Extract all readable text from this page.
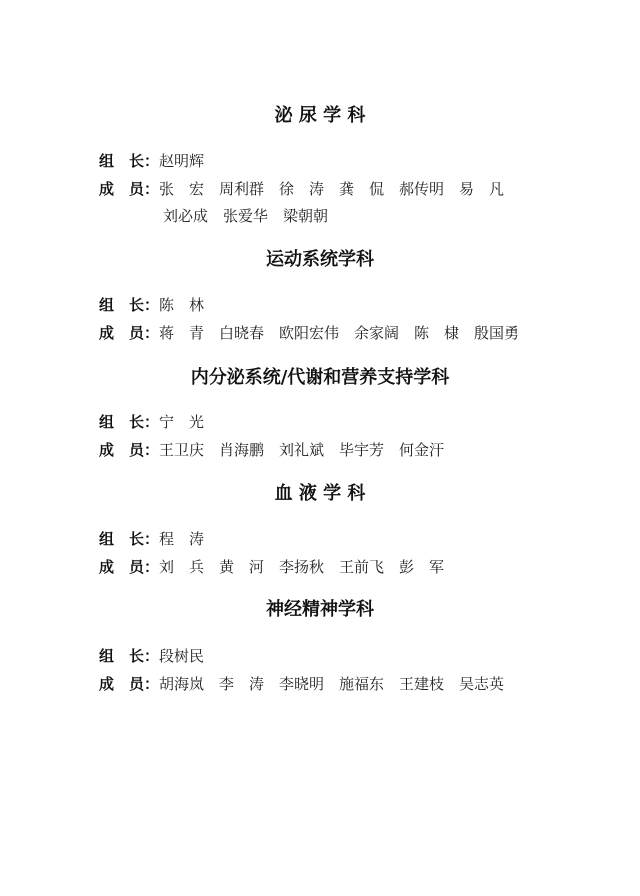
泌 尿 学 科
组　长：赵明辉
成　员：张　宏　周利群　徐　涛　龚　侃　郝传明　易　凡
刘必成　张爱华　梁朝朝
运动系统学科
组　长：陈　林
成　员：蒋　青　白晓春　欧阳宏伟　余家阔　陈　棣　殷国勇
内分泌系统/代谢和营养支持学科
组　长：宁　光
成　员：王卫庆　肖海鹏　刘礼斌　毕宇芳　何金汗
血 液 学 科
组　长：程　涛
成　员：刘　兵　黄　河　李扬秋　王前飞　彭　军
神经精神学科
组　长：段树民
成　员：胡海岚　李　涛　李晓明　施福东　王建枝　吴志英
